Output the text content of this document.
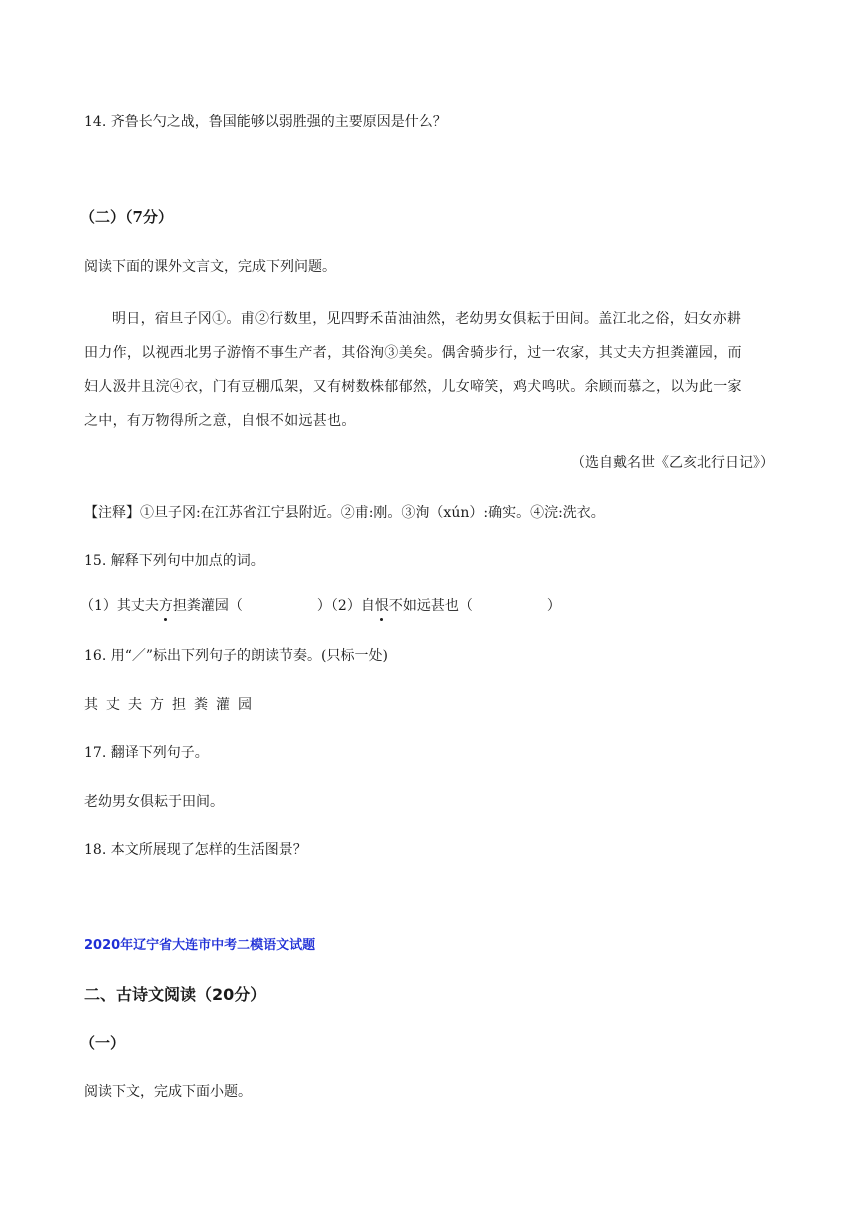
14. 齐鲁长勺之战，鲁国能够以弱胜强的主要原因是什么？
（二）（7分）
阅读下面的课外文言文，完成下列问题。
明日，宿旦子冈①。甫②行数里，见四野禾苗油油然，老幼男女俱耘于田间。盖江北之俗，妇女亦耕
田力作，以视西北男子游惰不事生产者，其俗洵③美矣。偶舍骑步行，过一农家，其丈夫方担粪灌园，而
妇人汲井且浣④衣，门有豆棚瓜架，又有树数株郁郁然，儿女啼笑，鸡犬鸣吠。余顾而慕之，以为此一家
之中，有万物得所之意，自恨不如远甚也。
（选自戴名世《乙亥北行日记》）
【注释】①旦子冈:在江苏省江宁县附近。②甫:刚。③洵（xún）:确实。④浣:洗衣。
15. 解释下列句中加点的词。
（1）其丈夫方担粪灌园（	）（2）自恨不如远甚也（	）
16. 用“／”标出下列句子的朗读节奏。(只标一处)
其丈夫方担粪灌园
17. 翻译下列句子。
老幼男女俱耘于田间。
18. 本文所展现了怎样的生活图景？
2020年辽宁省大连市中考二模语文试题
二、古诗文阅读（20分）
（一）
阅读下文，完成下面小题。
